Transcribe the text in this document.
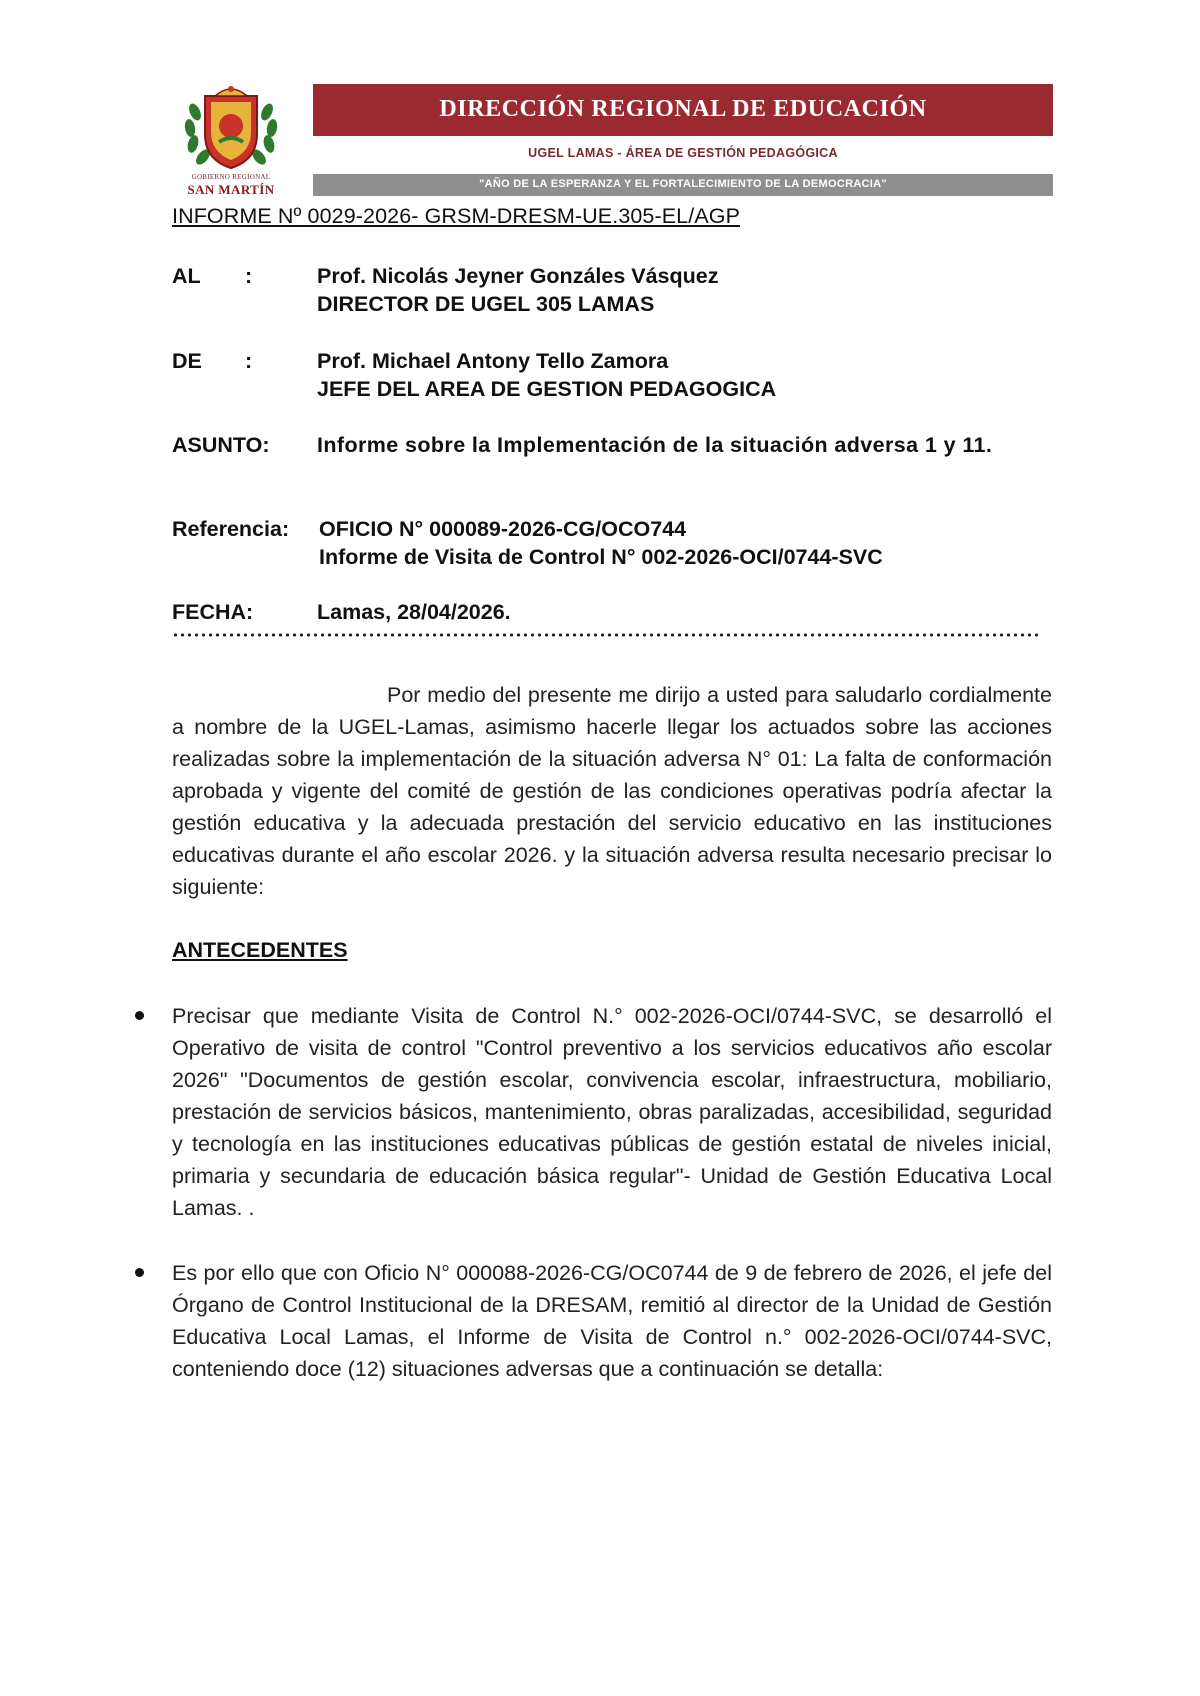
GOBIERNO REGIONAL
SAN MARTÍN
DIRECCIÓN REGIONAL DE EDUCACIÓN
UGEL LAMAS - ÁREA DE GESTIÓN PEDAGÓGICA
"AÑO DE LA ESPERANZA Y EL FORTALECIMIENTO DE LA DEMOCRACIA"
INFORME Nº 0029-2026- GRSM-DRESM-UE.305-EL/AGP
AL	:	Prof. Nicolás Jeyner Gonzáles Vásquez
DIRECTOR DE UGEL 305 LAMAS
DE	:	Prof. Michael Antony Tello Zamora
JEFE DEL AREA DE GESTION PEDAGOGICA
ASUNTO:	Informe sobre la Implementación de la situación adversa 1 y 11.
Referencia:	OFICIO N° 000089-2026-CG/OCO744
Informe de Visita de Control N° 002-2026-OCI/0744-SVC
FECHA:	Lamas, 28/04/2026.
Por medio del presente me dirijo a usted para saludarlo cordialmente a nombre de la UGEL-Lamas, asimismo hacerle llegar los actuados sobre las acciones realizadas sobre la implementación de la situación adversa N° 01: La falta de conformación aprobada y vigente del comité de gestión de las condiciones operativas podría afectar la gestión educativa y la adecuada prestación del servicio educativo en las instituciones educativas durante el año escolar 2026. y la situación adversa resulta necesario precisar lo siguiente:
ANTECEDENTES
Precisar que mediante Visita de Control N.° 002-2026-OCI/0744-SVC, se desarrolló el Operativo de visita de control "Control preventivo a los servicios educativos año escolar 2026" "Documentos de gestión escolar, convivencia escolar, infraestructura, mobiliario, prestación de servicios básicos, mantenimiento, obras paralizadas, accesibilidad, seguridad y tecnología en las instituciones educativas públicas de gestión estatal de niveles inicial, primaria y secundaria de educación básica regular"- Unidad de Gestión Educativa Local Lamas. .
Es por ello que con Oficio N° 000088-2026-CG/OC0744 de 9 de febrero de 2026, el jefe del Órgano de Control Institucional de la DRESAM, remitió al director de la Unidad de Gestión Educativa Local Lamas, el Informe de Visita de Control n.° 002-2026-OCI/0744-SVC, conteniendo doce (12) situaciones adversas que a continuación se detalla:
